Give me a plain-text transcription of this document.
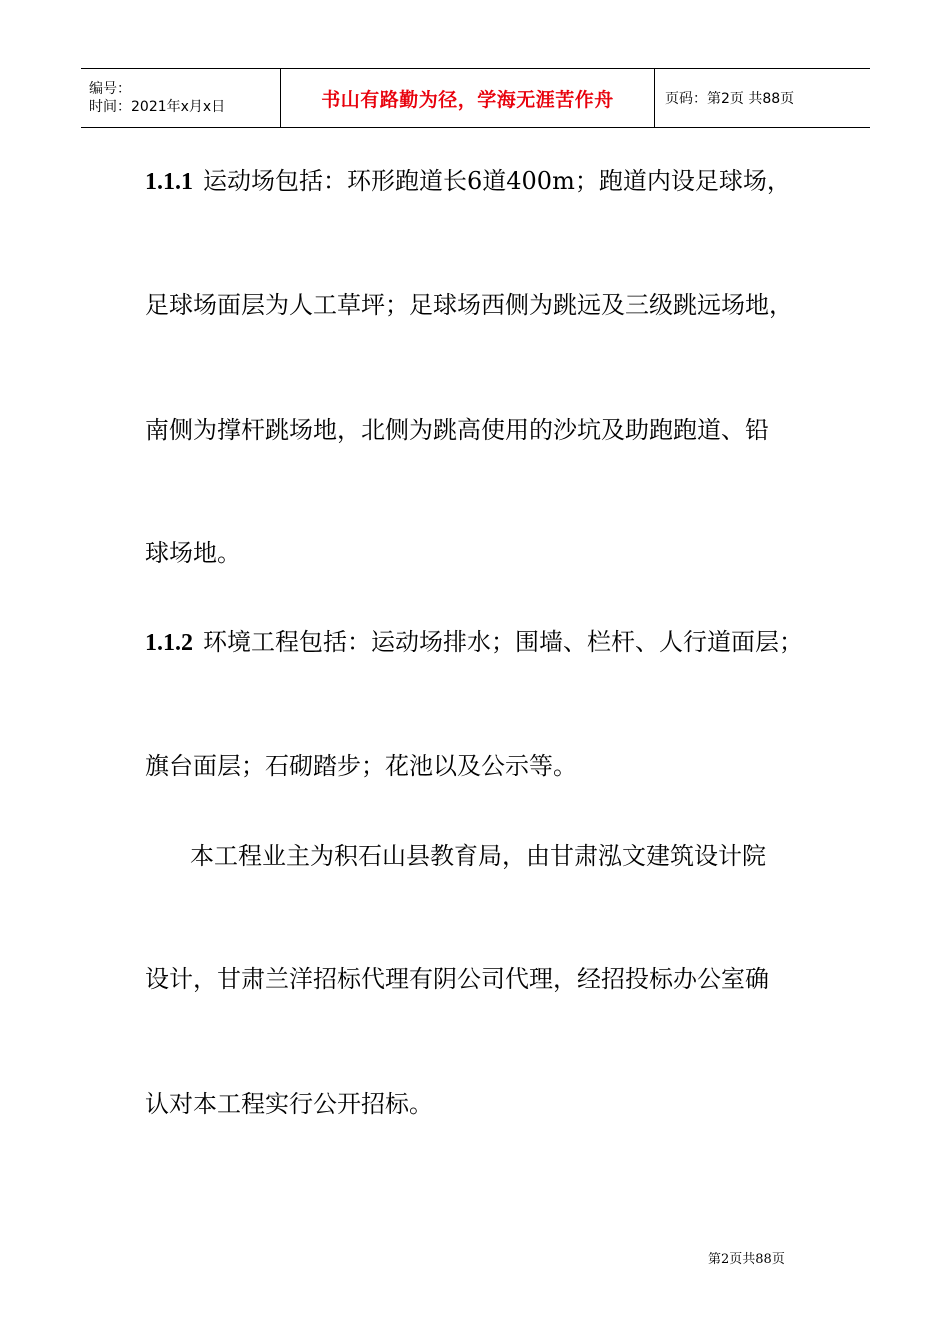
编号：
时间：2021年x月x日	书山有路勤为径，学海无涯苦作舟	页码：第2页 共88页
1.1.1 运动场包括：环形跑道长6道400m；跑道内设足球场，
足球场面层为人工草坪；足球场西侧为跳远及三级跳远场地，
南侧为撑杆跳场地，北侧为跳高使用的沙坑及助跑跑道、铅
球场地。
1.1.2 环境工程包括：运动场排水；围墙、栏杆、人行道面层；
旗台面层；石砌踏步；花池以及公示等。
本工程业主为积石山县教育局，由甘肃泓文建筑设计院
设计，甘肃兰洋招标代理有阴公司代理，经招投标办公室确
认对本工程实行公开招标。
第2页共88页
